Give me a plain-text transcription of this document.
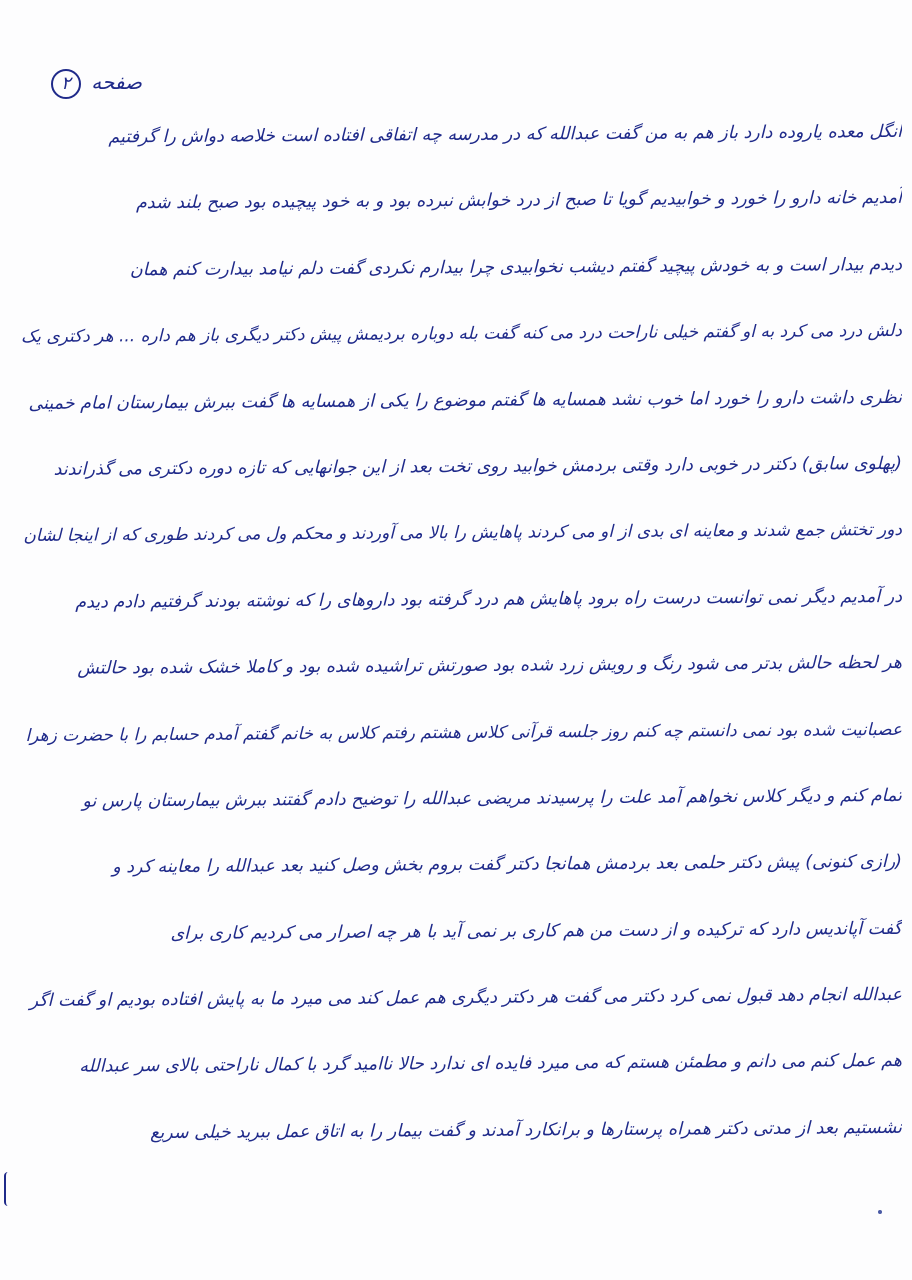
صفحه ۲
انگل معده یاروده دارد باز هم به من گفت عبدالله که در مدرسه چه اتفاقی افتاده است خلاصه دواش را گرفتیم
آمدیم خانه دارو را خورد و خوابیدیم گویا تا صبح از درد خوابش نبرده بود و به خود پیچیده بود صبح بلند شدم
دیدم بیدار است و به خودش پیچید گفتم دیشب نخوابیدی چرا بیدارم نکردی گفت دلم نیامد بیدارت کنم همان
دلش درد می کرد به او گفتم خیلی ناراحت درد می کنه گفت بله دوباره بردیمش پیش دکتر دیگری باز هم داره ... هر دکتری یک
نظری داشت دارو را خورد اما خوب نشد همسایه ها گفتم موضوع را یکی از همسایه ها گفت ببرش بیمارستان امام خمینی
(پهلوی سابق) دکتر در خوبی دارد وقتی بردمش خوابید روی تخت بعد از این جوانهایی که تازه دوره دکتری می گذراندند
دور تختش جمع شدند و معاینه ای بدی از او می کردند پاهایش را بالا می آوردند و محکم ول می کردند طوری که از اینجا لشان
در آمدیم دیگر نمی توانست درست راه برود پاهایش هم درد گرفته بود داروهای را که نوشته بودند گرفتیم دادم دیدم
هر لحظه حالش بدتر می شود رنگ و رویش زرد شده بود صورتش تراشیده شده بود و کاملا خشک شده بود حالتش
عصبانیت شده بود نمی دانستم چه کنم روز جلسه قرآنی کلاس هشتم رفتم کلاس به خانم گفتم آمدم حسابم را با حضرت زهرا
تمام کنم و دیگر کلاس نخواهم آمد علت را پرسیدند مریضی عبدالله را توضیح دادم گفتند ببرش بیمارستان پارس نو
(رازی کنونی) پیش دکتر حلمی بعد بردمش همانجا دکتر گفت بروم بخش وصل کنید بعد عبدالله را معاینه کرد و
گفت آپاندیس دارد که ترکیده و از دست من هم کاری بر نمی آید با هر چه اصرار می کردیم کاری برای
عبدالله انجام دهد قبول نمی کرد دکتر می گفت هر دکتر دیگری هم عمل کند می میرد ما به پایش افتاده بودیم او گفت اگر
هم عمل کنم می دانم و مطمئن هستم که می میرد فایده ای ندارد حالا ناامید گرد با کمال ناراحتی بالای سر عبدالله
نشستیم بعد از مدتی دکتر همراه پرستارها و برانکارد آمدند و گفت بیمار را به اتاق عمل ببرید خیلی سریع
